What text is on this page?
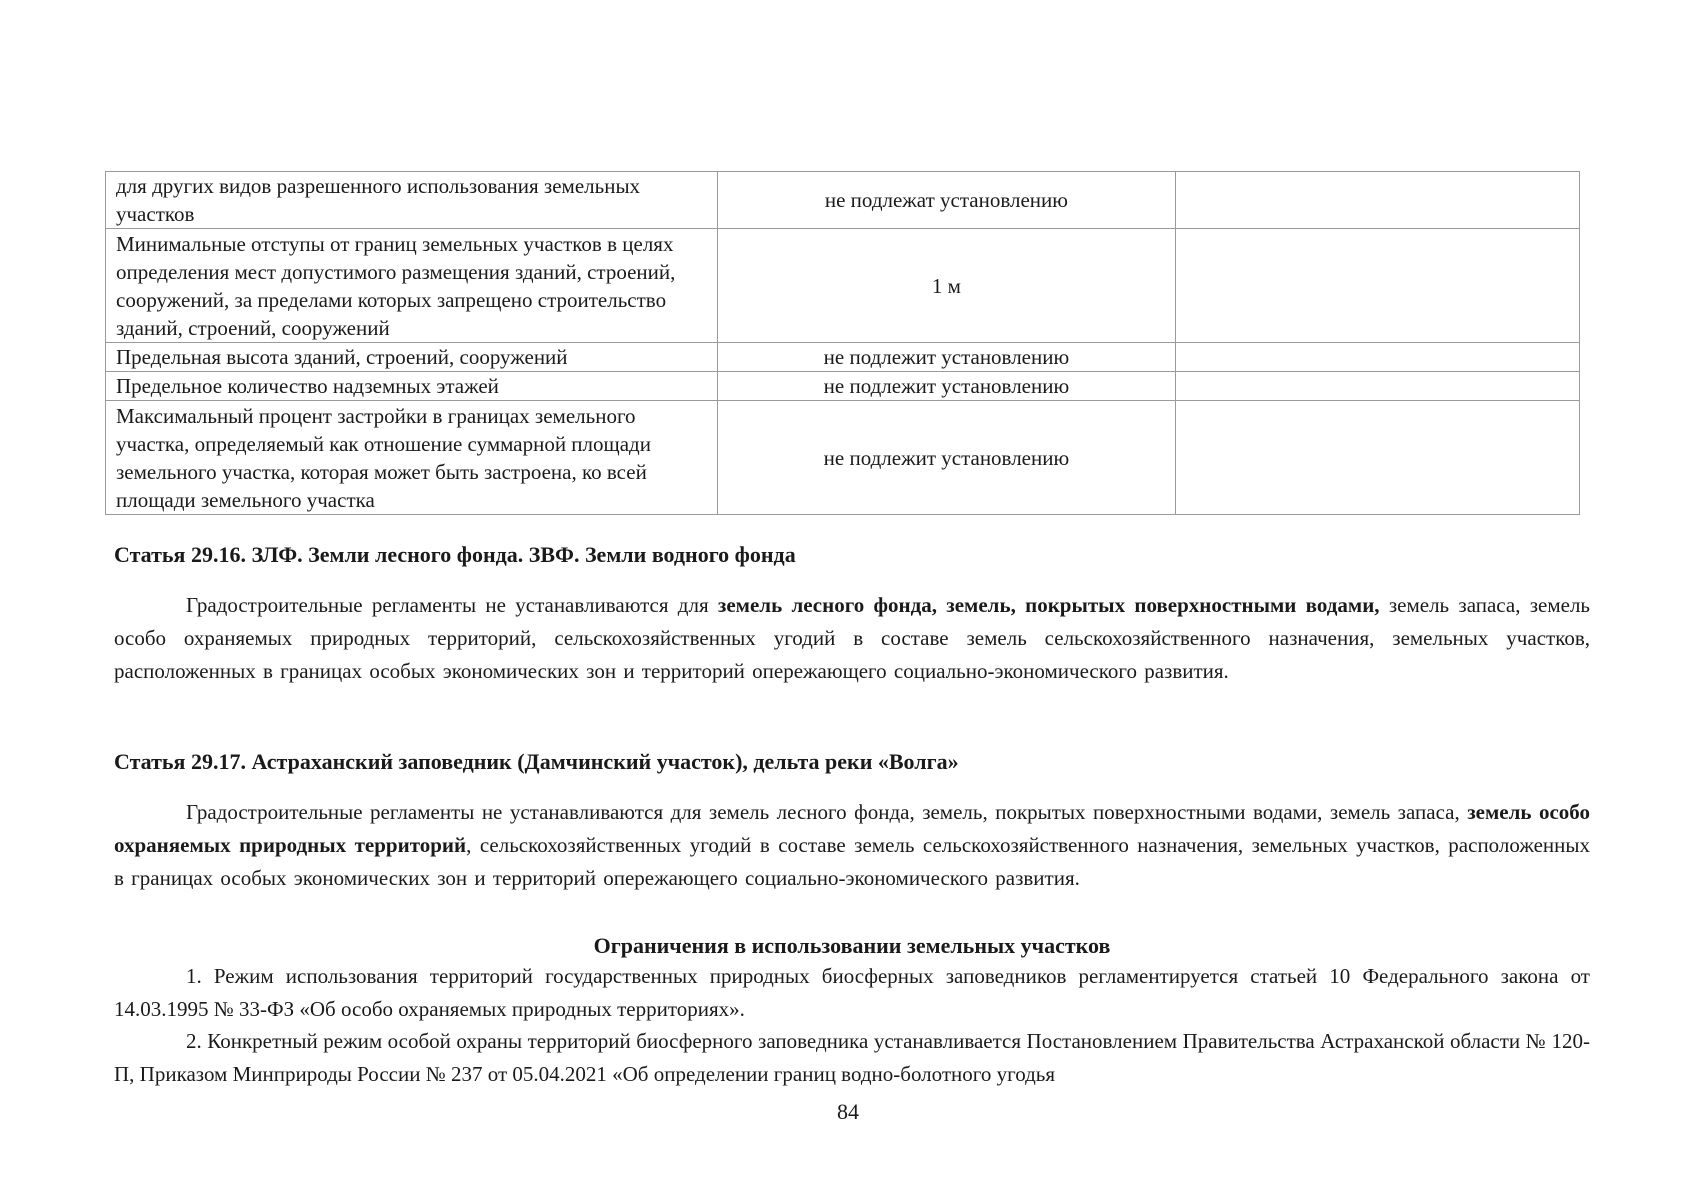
для других видов разрешенного использования земельных участков	не подлежат установлению	
Минимальные отступы от границ земельных участков в целях определения мест допустимого размещения зданий, строений, сооружений, за пределами которых запрещено строительство зданий, строений, сооружений	1 м	
Предельная высота зданий, строений, сооружений	не подлежит установлению	
Предельное количество надземных этажей	не подлежит установлению	
Максимальный процент застройки в границах земельного участка, определяемый как отношение суммарной площади земельного участка, которая может быть застроена, ко всей площади земельного участка	не подлежит установлению	
Статья 29.16. ЗЛФ. Земли лесного фонда. ЗВФ. Земли водного фонда
Градостроительные регламенты не устанавливаются для земель лесного фонда, земель, покрытых поверхностными водами, земель запаса, земель особо охраняемых природных территорий, сельскохозяйственных угодий в составе земель сельскохозяйственного назначения, земельных участков, расположенных в границах особых экономических зон и территорий опережающего социально-экономического развития.
Статья 29.17. Астраханский заповедник (Дамчинский участок), дельта реки «Волга»
Градостроительные регламенты не устанавливаются для земель лесного фонда, земель, покрытых поверхностными водами, земель запаса, земель особо охраняемых природных территорий, сельскохозяйственных угодий в составе земель сельскохозяйственного назначения, земельных участков, расположенных в границах особых экономических зон и территорий опережающего социально-экономического развития.
Ограничения в использовании земельных участков
1. Режим использования территорий государственных природных биосферных заповедников регламентируется статьей 10 Федерального закона от 14.03.1995 № 33-ФЗ «Об особо охраняемых природных территориях».
2. Конкретный режим особой охраны территорий биосферного заповедника устанавливается Постановлением Правительства Астраханской области № 120-П, Приказом Минприроды России № 237 от 05.04.2021 «Об определении границ водно-болотного угодья
84
